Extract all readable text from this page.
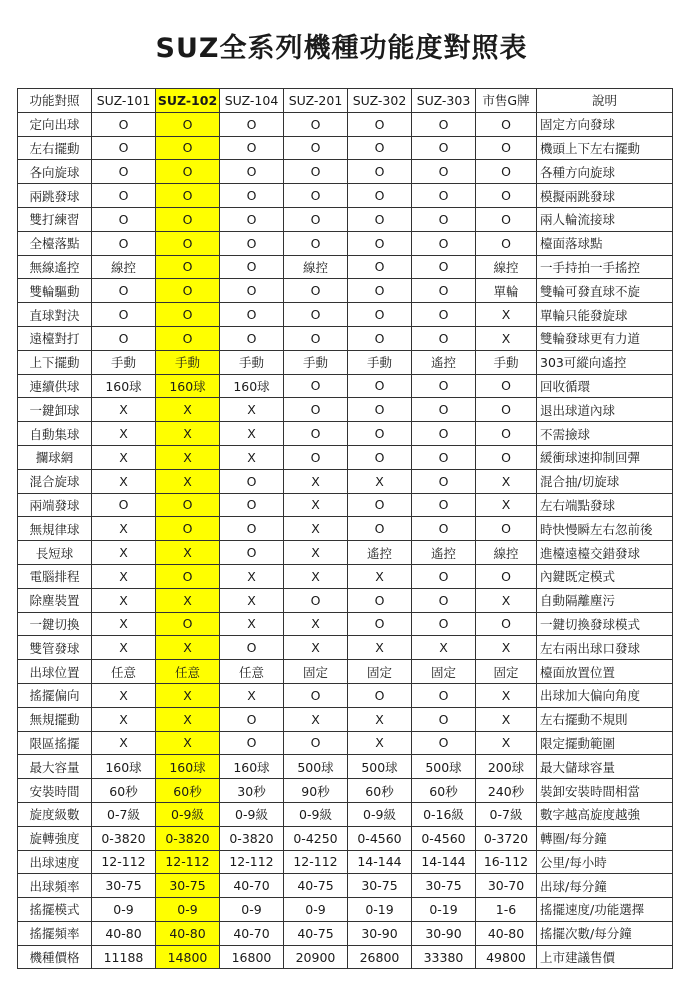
SUZ全系列機種功能度對照表
功能對照	SUZ-101	SUZ-102	SUZ-104	SUZ-201	SUZ-302	SUZ-303	市售G牌	說明
定向出球	O	O	O	O	O	O	O	固定方向發球
左右擺動	O	O	O	O	O	O	O	機頭上下左右擺動
各向旋球	O	O	O	O	O	O	O	各種方向旋球
兩跳發球	O	O	O	O	O	O	O	模擬兩跳發球
雙打練習	O	O	O	O	O	O	O	兩人輪流接球
全檯落點	O	O	O	O	O	O	O	檯面落球點
無線遙控	線控	O	O	線控	O	O	線控	一手持拍一手搖控
雙輪驅動	O	O	O	O	O	O	單輪	雙輪可發直球不旋
直球對決	O	O	O	O	O	O	X	單輪只能發旋球
遠檯對打	O	O	O	O	O	O	X	雙輪發球更有力道
上下擺動	手動	手動	手動	手動	手動	遙控	手動	303可縱向遙控
連續供球	160球	160球	160球	O	O	O	O	回收循環
一鍵卸球	X	X	X	O	O	O	O	退出球道內球
自動集球	X	X	X	O	O	O	O	不需撿球
攔球網	X	X	X	O	O	O	O	緩衝球速抑制回彈
混合旋球	X	X	O	X	X	O	X	混合抽/切旋球
兩端發球	O	O	O	X	O	O	X	左右端點發球
無規律球	X	O	O	X	O	O	O	時快慢瞬左右忽前後
長短球	X	X	O	X	遙控	遙控	線控	進檯遠檯交錯發球
電腦排程	X	O	X	X	X	O	O	內鍵既定模式
除塵裝置	X	X	X	O	O	O	X	自動隔離塵污
一鍵切換	X	O	X	X	O	O	O	一鍵切換發球模式
雙管發球	X	X	O	X	X	X	X	左右兩出球口發球
出球位置	任意	任意	任意	固定	固定	固定	固定	檯面放置位置
搖擺偏向	X	X	X	O	O	O	X	出球加大偏向角度
無規擺動	X	X	O	X	X	O	X	左右擺動不規則
限區搖擺	X	X	O	O	X	O	X	限定擺動範圍
最大容量	160球	160球	160球	500球	500球	500球	200球	最大儲球容量
安裝時間	60秒	60秒	30秒	90秒	60秒	60秒	240秒	裝卸安裝時間相當
旋度級數	0-7級	0-9級	0-9級	0-9級	0-9級	0-16級	0-7級	數字越高旋度越強
旋轉強度	0-3820	0-3820	0-3820	0-4250	0-4560	0-4560	0-3720	轉圈/每分鐘
出球速度	12-112	12-112	12-112	12-112	14-144	14-144	16-112	公里/每小時
出球頻率	30-75	30-75	40-70	40-75	30-75	30-75	30-70	出球/每分鐘
搖擺模式	0-9	0-9	0-9	0-9	0-19	0-19	1-6	搖擺速度/功能選擇
搖擺頻率	40-80	40-80	40-70	40-75	30-90	30-90	40-80	搖擺次數/每分鐘
機種價格	11188	14800	16800	20900	26800	33380	49800	上市建議售價
